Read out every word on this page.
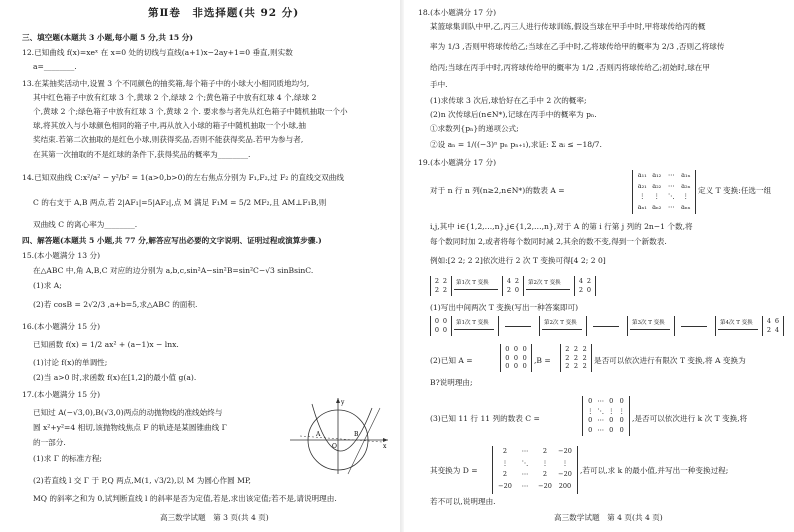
第Ⅱ卷　非选择题(共 92 分)
三、填空题(本题共 3 小题,每小题 5 分,共 15 分)
12.已知曲线 f(x)=xeˣ 在 x=0 处的切线与直线(a+1)x−2ay+1=0 垂直,则实数
a=________.
13.在某抽奖活动中,设置 3 个不同颜色的抽奖箱,每个箱子中的小球大小相同质地均匀,
其中红色箱子中放有红球 3 个,黄球 2 个,绿球 2 个;黄色箱子中放有红球 4 个,绿球 2
个,黄球 2 个;绿色箱子中放有红球 3 个,黄球 2 个. 要求参与者先从红色箱子中随机抽取一个小
球,将其放入与小球颜色相同的箱子中,再从放入小球的箱子中随机抽取一个小球,抽
奖结束.若第二次抽取的是红色小球,则获得奖品,否则不能获得奖品.若甲为参与者,
在其第一次抽取的不是红球的条件下,获得奖品的概率为________.
14.已知双曲线 C:x²/a² − y²/b² = 1(a>0,b>0)的左右焦点分别为 F₁,F₂,过 F₂ 的直线交双曲线
C 的右支于 A,B 两点,若 2|AF₁|=5|AF₂|,点 M 满足 F₁M = 5/2 MF₂,且 AM⊥F₁B,则
双曲线 C 的离心率为________.
四、解答题(本题共 5 小题,共 77 分,解答应写出必要的文字说明、证明过程或演算步骤.)
15.(本小题满分 13 分)
在△ABC 中,角 A,B,C 对应的边分别为 a,b,c,sin²A−sin²B=sin²C−√3 sinBsinC.
(1)求 A;
(2)若 cosB = 2√2/3 ,a+b=5,求△ABC 的面积.
16.(本小题满分 15 分)
已知函数 f(x) = 1/2 ax² + (a−1)x − lnx.
(1)讨论 f(x)的单调性;
(2)当 a>0 时,求函数 f(x)在[1,2]的最小值 g(a).
17.(本小题满分 15 分)
已知过 A(−√3,0),B(√3,0)两点的动抛物线的准线始终与
圆 x²+y²=4 相切,该抛物线焦点 F 的轨迹是某圆锥曲线 Γ
的一部分.
(1)求 Γ 的标准方程;
(2)若直线 l 交 Γ 于 P,Q 两点,M(1, √3/2),以 M 为圆心作圆 MP,
MQ 的斜率之和为 0,试判断直线 l 的斜率是否为定值,若是,求出该定值;若不是,请说明理由.
A	B
O	x
y
高三数学试题　第 3 页(共 4 页)
18.(本小题满分 17 分)
某篮球集训队中甲,乙,丙三人进行传球训练,假设当球在甲手中时,甲将球传给丙的概
率为 1/3 ,否则甲将球传给乙;当球在乙手中时,乙将球传给甲的概率为 2/3 ,否则乙将球传
给丙;当球在丙手中时,丙将球传给甲的概率为 1/2 ,否则丙将球传给乙;初始时,球在甲
手中.
(1)求传球 3 次后,球恰好在乙手中 2 次的概率;
(2)n 次传球后(n∈N*),记球在丙手中的概率为 pₙ.
①求数列{pₙ}的递项公式;
②设 aₙ = 1/((−3)ⁿ pₙ pₙ₊₁),求证: Σ aᵢ ≤ −18/7.
19.(本小题满分 17 分)
对于 n 行 n 列(n≥2,n∈N*)的数表 A =
a₁₁ a₁₂	⋯	a₁ₙ
a₂₁ a₂₂	⋯	a₂ₙ
⋮	⋮	⋱	⋮
aₙ₁ aₙ₂	⋯	aₙₙ
定义 T 变换:任选一组
i,j,其中 i∈{1,2,…,n},j∈{1,2,…,n},对于 A 的第 i 行第 j 列的 2n−1 个数,将
每个数同时加 2,或者将每个数同时减 2,其余的数不变,得到一个新数表.
例如:[2 2; 2 2]依次进行 2 次 T 变换可得[4 2; 2 0]
2 2
2 2
第1次 T 变换	4 2
2 0
第2次 T 变换	4 2
2 0
(1)写出中间两次 T 变换(写出一种答案即可)
0 0
0 0
第1次 T 变换	第2次 T 变换	第3次 T 变换	第4次 T 变换 4 6
2 4
(2)已知 A =
0 0 0
0 0 0
0 0 0
,B =
2 2 2
2 2 2
2 2 2
是否可以依次进行有限次 T 变换,将 A 变换为
B?说明理由;
(3)已知 11 行 11 列的数表 C =
0 ⋯ 0 0
⋮ ⋱ ⋮ ⋮
0 ⋯ 0 0
0 ⋯ 0 0
,是否可以依次进行 k 次 T 变换,将
其变换为 D =
2	⋯	2	−20
⋮	⋱	⋮	⋮
2	⋯	2	−20
−20	⋯	−20	200
,若可以,求 k 的最小值,并写出一种变换过程;
若不可以,说明理由.
高三数学试题　第 4 页(共 4 页)
